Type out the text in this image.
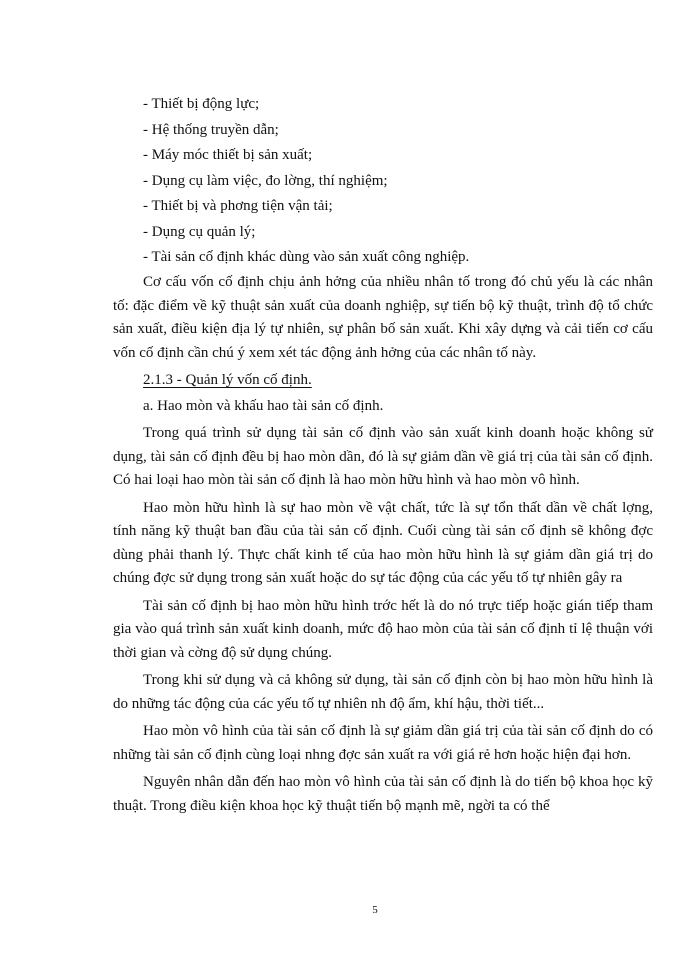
- Thiết bị động lực;
- Hệ thống truyền dẫn;
- Máy móc thiết bị sản xuất;
- Dụng cụ làm việc, đo lờng, thí nghiệm;
- Thiết bị và phơng tiện vận tải;
- Dụng cụ quản lý;
- Tài sản cố định khác dùng vào sản xuất công nghiệp.

Cơ cấu vốn cố định chịu ảnh hởng của nhiều nhân tố trong đó chủ yếu là các nhân tố: đặc điểm về kỹ thuật sản xuất của doanh nghiệp, sự tiến bộ kỹ thuật, trình độ tổ chức sản xuất, điều kiện địa lý tự nhiên, sự phân bố sản xuất. Khi xây dựng và cải tiến cơ cấu vốn cố định cần chú ý xem xét tác động ảnh hởng của các nhân tố này.

2.1.3 - Quản lý vốn cố định.

a. Hao mòn và khấu hao tài sản cố định.

Trong quá trình sử dụng tài sản cố định vào sản xuất kinh doanh hoặc không sử dụng, tài sản cố định đều bị hao mòn dần, đó là sự giảm dần về giá trị của tài sản cố định. Có hai loại hao mòn tài sản cố định là hao mòn hữu hình và hao mòn vô hình.

Hao mòn hữu hình là sự hao mòn về vật chất, tức là sự tổn thất dần về chất lợng, tính năng kỹ thuật ban đầu của tài sản cố định. Cuối cùng tài sản cố định sẽ không đợc dùng phải thanh lý. Thực chất kinh tế của hao mòn hữu hình là sự giảm dần giá trị do chúng đợc sử dụng trong sản xuất hoặc do sự tác động của các yếu tố tự nhiên gây ra

Tài sản cố định bị hao mòn hữu hình trớc hết là do nó trực tiếp hoặc gián tiếp tham gia vào quá trình sản xuất kinh doanh, mức độ hao mòn của tài sản cố định tỉ lệ thuận với thời gian và cờng độ sử dụng chúng.

Trong khi sử dụng và cả không sử dụng, tài sản cố định còn bị hao mòn hữu hình là do những tác động của các yếu tố tự nhiên nh độ ẩm, khí hậu, thời tiết...

Hao mòn vô hình của tài sản cố định là sự giảm dần giá trị của tài sản cố định do có những tài sản cố định cùng loại nhng đợc sản xuất ra với giá rẻ hơn hoặc hiện đại hơn.

Nguyên nhân dẫn đến hao mòn vô hình của tài sản cố định là do tiến bộ khoa học kỹ thuật. Trong điều kiện khoa học kỹ thuật tiến bộ mạnh mẽ, ngời ta có thể

5
